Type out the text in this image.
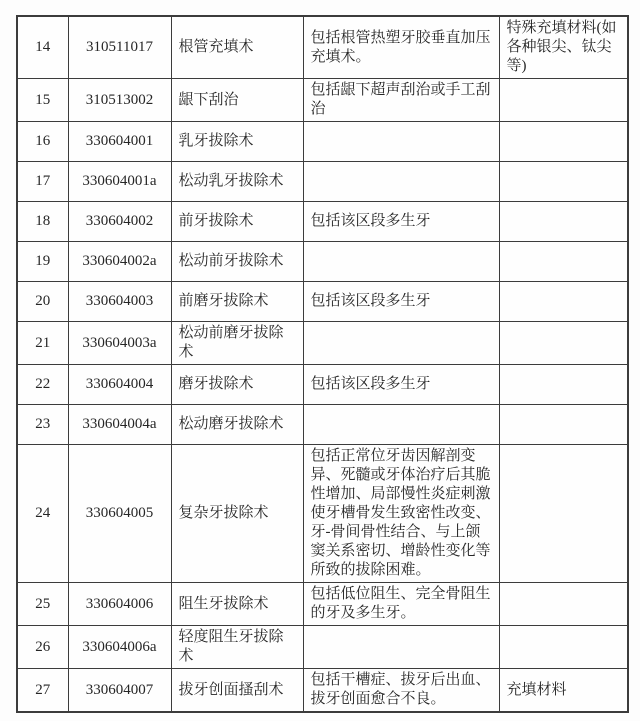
14	310511017	根管充填术	包括根管热塑牙胶垂直加压充填术。	特殊充填材料(如各种银尖、钛尖等)
15	310513002	龈下刮治	包括龈下超声刮治或手工刮治	
16	330604001	乳牙拔除术		
17	330604001a	松动乳牙拔除术		
18	330604002	前牙拔除术	包括该区段多生牙	
19	330604002a	松动前牙拔除术		
20	330604003	前磨牙拔除术	包括该区段多生牙	
21	330604003a	松动前磨牙拔除术		
22	330604004	磨牙拔除术	包括该区段多生牙	
23	330604004a	松动磨牙拔除术		
24	330604005	复杂牙拔除术	包括正常位牙齿因解剖变异、死髓或牙体治疗后其脆性增加、局部慢性炎症刺激使牙槽骨发生致密性改变、牙-骨间骨性结合、与上颌窦关系密切、增龄性变化等所致的拔除困难。	
25	330604006	阻生牙拔除术	包括低位阻生、完全骨阻生的牙及多生牙。	
26	330604006a	轻度阻生牙拔除术		
27	330604007	拔牙创面搔刮术	包括干槽症、拔牙后出血、拔牙创面愈合不良。	充填材料
